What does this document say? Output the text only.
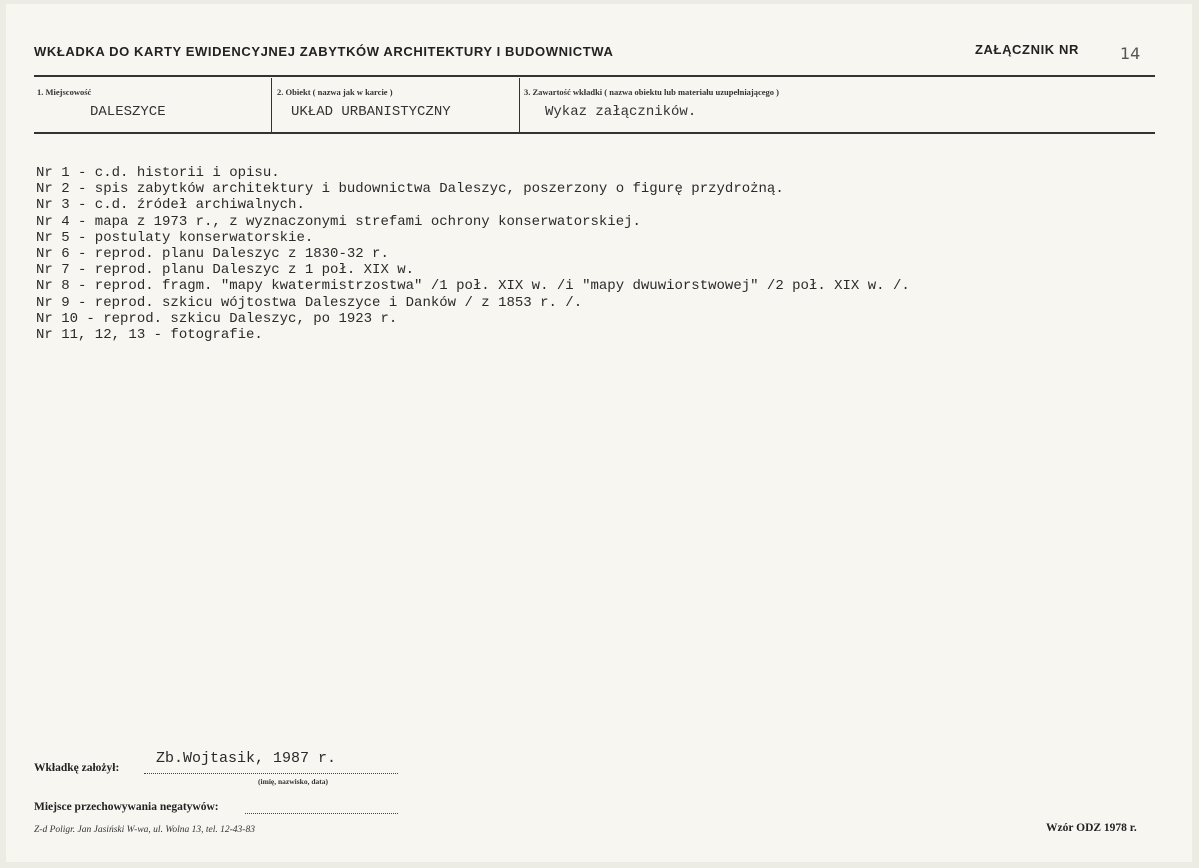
WKŁADKA DO KARTY EWIDENCYJNEJ ZABYTKÓW ARCHITEKTURY I BUDOWNICTWA	ZAŁĄCZNIK NR	14
1. Miejscowość
DALESZYCE
2. Obiekt ( nazwa jak w karcie )
UKŁAD URBANISTYCZNY
3. Zawartość wkładki ( nazwa obiektu lub materiału uzupełniającego )
Wykaz załączników.
Nr 1 - c.d. historii i opisu.
Nr 2 - spis zabytków architektury i budownictwa Daleszyc, poszerzony o figurę przydrożną.
Nr 3 - c.d. źródeł archiwalnych.
Nr 4 - mapa z 1973 r., z wyznaczonymi strefami ochrony konserwatorskiej.
Nr 5 - postulaty konserwatorskie.
Nr 6 - reprod. planu Daleszyc z 1830-32 r.
Nr 7 - reprod. planu Daleszyc z 1 poł. XIX w.
Nr 8 - reprod. fragm. "mapy kwatermistrzostwa" /1 poł. XIX w. /i "mapy dwuwiorstwowej" /2 poł. XIX w. /.
Nr 9 - reprod. szkicu wójtostwa Daleszyce i Danków / z 1853 r. /.
Nr 10 - reprod. szkicu Daleszyc, po 1923 r.
Nr 11, 12, 13 - fotografie.
Wkładkę założył:
Zb.Wojtasik, 1987 r.
(imię, nazwisko, data)
Miejsce przechowywania negatywów:
Z-d Poligr. Jan Jasiński W-wa, ul. Wolna 13, tel. 12-43-83	Wzór ODZ 1978 r.
